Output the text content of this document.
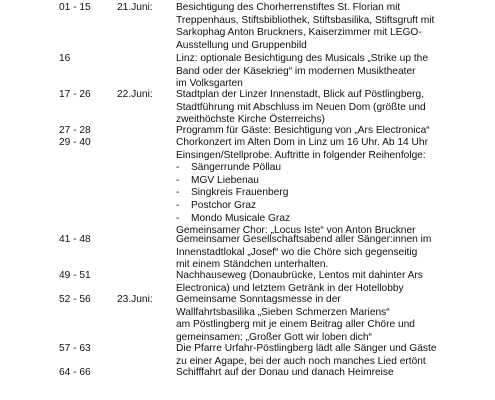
01 - 15	21.Juni: Besichtigung des Chorherrenstiftes St. Florian mit
Treppenhaus, Stiftsbibliothek, Stiftsbasilika, Stiftsgruft mit
Sarkophag Anton Bruckners, Kaiserzimmer mit LEGO-
Ausstellung und Gruppenbild
16	Linz: optionale Besichtigung des Musicals „Strike up the
Band oder der Käsekrieg“ im modernen Musiktheater
im Volksgarten
17 - 26	22.Juni: Stadtplan der Linzer Innenstadt, Blick auf Pöstlingberg,
Stadtführung mit Abschluss im Neuen Dom (größte und
zweithöchste Kirche Österreichs)
27 - 28	Programm für Gäste: Besichtigung von „Ars Electronica“
29 - 40	Chorkonzert im Alten Dom in Linz um 16 Uhr. Ab 14 Uhr
Einsingen/Stellprobe. Auftritte in folgender Reihenfolge:
- Sängerrunde Pöllau
- MGV Liebenau
- Singkreis Frauenberg
- Postchor Graz
- Mondo Musicale Graz
Gemeinsamer Chor: „Locus Iste“ von Anton Bruckner
41 - 48	Gemeinsamer Gesellschaftsabend aller Sänger:innen im
Innenstadtlokal „Josef“ wo die Chöre sich gegenseitig
mit einem Ständchen unterhalten.
49 - 51	Nachhauseweg (Donaubrücke, Lentos mit dahinter Ars
Electronica) und letztem Getränk in der Hotellobby
52 - 56	23.Juni: Gemeinsame Sonntagsmesse in der
Wallfahrtsbasilika „Sieben Schmerzen Mariens“
am Pöstlingberg mit je einem Beitrag aller Chöre und
gemeinsamen: „Großer Gott wir loben dich“
57 - 63	Die Pfarre Urfahr-Pöstlingberg lädt alle Sänger und Gäste
zu einer Agape, bei der auch noch manches Lied ertönt
64 - 66	Schifffahrt auf der Donau und danach Heimreise
